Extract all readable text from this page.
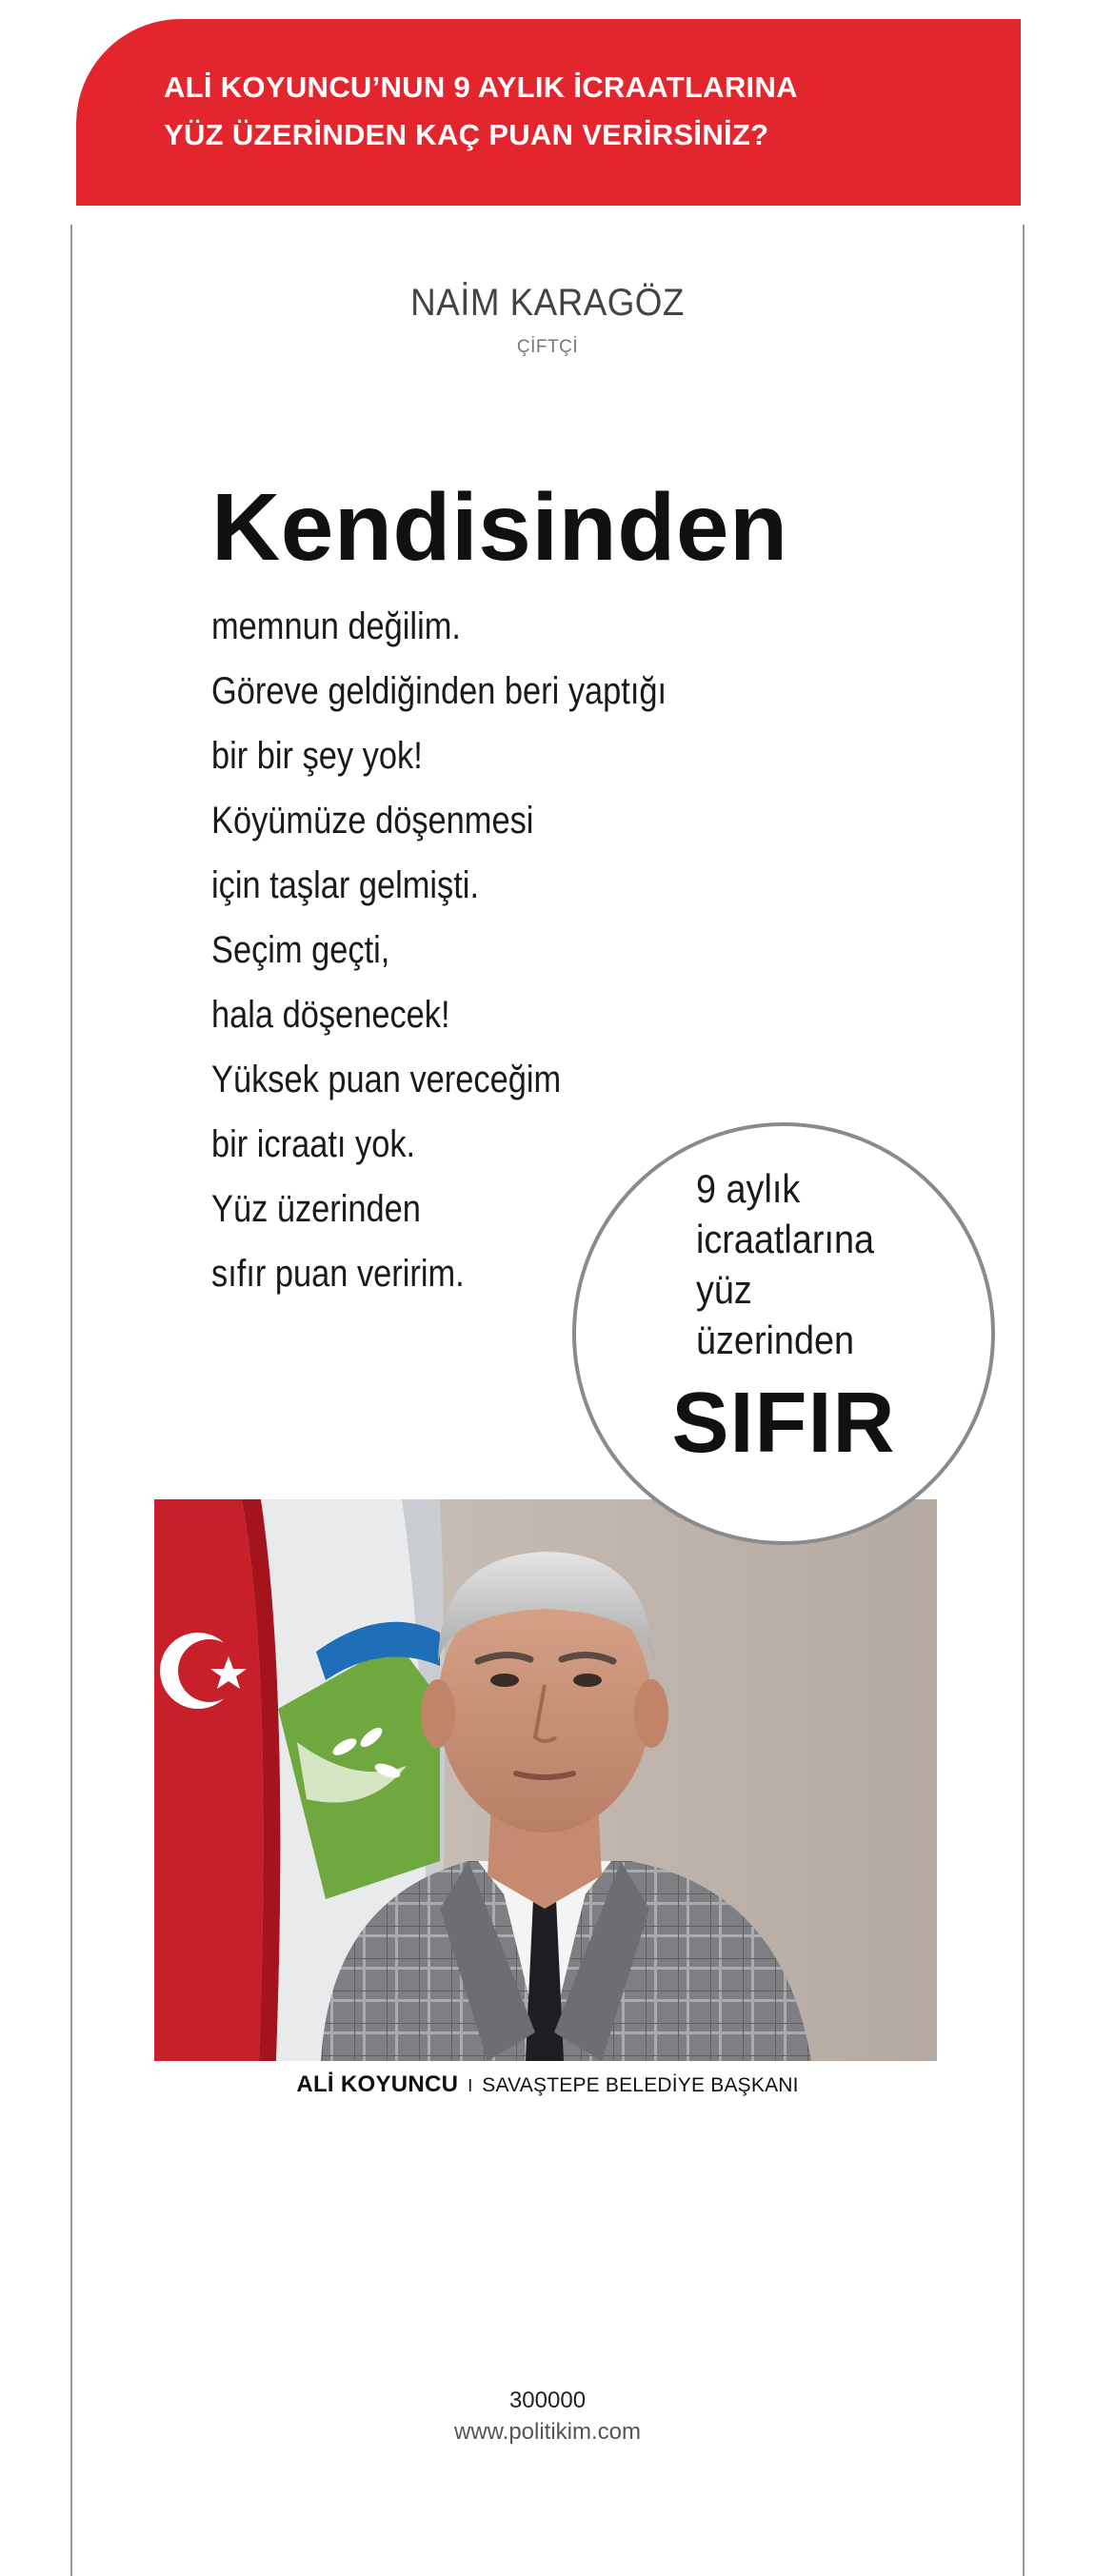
ALİ KOYUNCU’NUN 9 AYLIK İCRAATLARINA
YÜZ ÜZERİNDEN KAÇ PUAN VERİRSİNİZ?
NAİM KARAGÖZ
ÇİFTÇİ
Kendisinden
memnun değilim.
Göreve geldiğinden beri yaptığı
bir bir şey yok!
Köyümüze döşenmesi
için taşlar gelmişti.
Seçim geçti,
hala döşenecek!
Yüksek puan vereceğim
bir icraatı yok.
Yüz üzerinden
sıfır puan veririm.
9 aylık
icraatlarına
yüz
üzerinden
SIFIR
ALİ KOYUNCU I SAVAŞTEPE BELEDİYE BAŞKANI
300000
www.politikim.com
